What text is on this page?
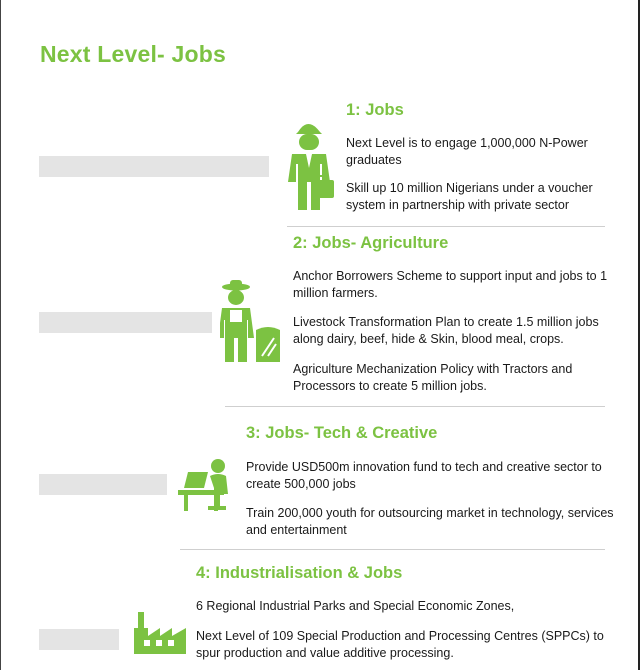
Next Level- Jobs
1: Jobs
Next Level is to engage 1,000,000 N-Power graduates
Skill up 10 million Nigerians under a voucher system in partnership with private sector
2: Jobs- Agriculture
Anchor Borrowers Scheme to support input and jobs to 1 million farmers.
Livestock Transformation Plan to create 1.5 million jobs along dairy, beef, hide & Skin, blood meal, crops.
Agriculture Mechanization Policy with Tractors and Processors to create 5 million jobs.
3: Jobs- Tech & Creative
Provide USD500m innovation fund to tech and creative sector to create 500,000 jobs
Train 200,000 youth for outsourcing market in technology, services and entertainment
4: Industrialisation & Jobs
6 Regional Industrial Parks and Special Economic Zones,
Next Level of 109 Special Production and Processing Centres (SPPCs) to spur production and value additive processing.
